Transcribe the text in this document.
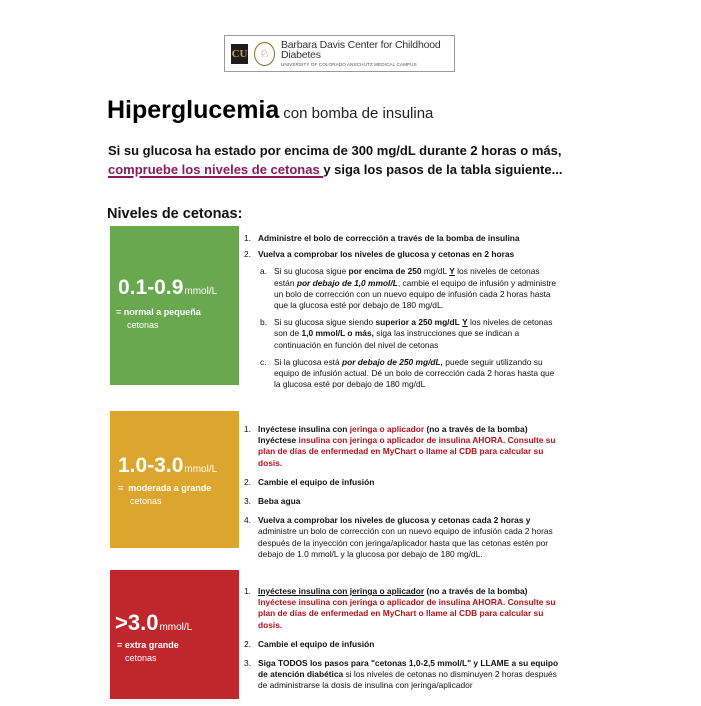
CU	♘
Barbara Davis Center for Childhood Diabetes
UNIVERSITY OF COLORADO ANSCHUTZ MEDICAL CAMPUS
Hiperglucemia con bomba de insulina
Si su glucosa ha estado por encima de 300 mg/dL durante 2 horas o más,
compruebe los niveles de cetonas y siga los pasos de la tabla siguiente...
Niveles de cetonas:
0.1-0.9mmol/L
= normal a pequeña
cetonas
1.0-3.0mmol/L
= moderada a grande
cetonas
>3.0mmol/L
= extra grande
cetonas
1. Administre el bolo de corrección a través de la bomba de insulina
2. Vuelva a comprobar los niveles de glucosa y cetonas en 2 horas
a. Si su glucosa sigue por encima de 250 mg/dL Y los niveles de cetonas están por debajo de 1,0 mmol/L, cambie el equipo de infusión y administre un bolo de corrección con un nuevo equipo de infusión cada 2 horas hasta que la glucosa esté por debajo de 180 mg/dL.
b. Si su glucosa sigue siendo superior a 250 mg/dL Y los niveles de cetonas son de 1,0 mmol/L o más, siga las instrucciones que se indican a continuación en función del nivel de cetonas
c. Si la glucosa está por debajo de 250 mg/dL, puede seguir utilizando su equipo de infusión actual. Dé un bolo de corrección cada 2 horas hasta que la glucosa esté por debajo de 180 mg/dL
1. Inyéctese insulina con jeringa o aplicador (no a través de la bomba)
Inyéctese insulina con jeringa o aplicador de insulina AHORA. Consulte su plan de días de enfermedad en MyChart o llame al CDB para calcular su dosis.
2. Cambie el equipo de infusión
3. Beba agua
4. Vuelva a comprobar los niveles de glucosa y cetonas cada 2 horas y administre un bolo de corrección con un nuevo equipo de infusión cada 2 horas después de la inyección con jeringa/aplicador hasta que las cetonas estén por debajo de 1.0 mmol/L y la glucosa por debajo de 180 mg/dL.
1. Inyéctese insulina con jeringa o aplicador (no a través de la bomba)
Inyéctese insulina con jeringa o aplicador de insulina AHORA. Consulte su plan de días de enfermedad en MyChart o llame al CDB para calcular su dosis.
2. Cambie el equipo de infusión
3. Siga TODOS los pasos para "cetonas 1,0-2,5 mmol/L" y LLAME a su equipo de atención diabética si los niveles de cetonas no disminuyen 2 horas después de administrarse la dosis de insulina con jeringa/aplicador
